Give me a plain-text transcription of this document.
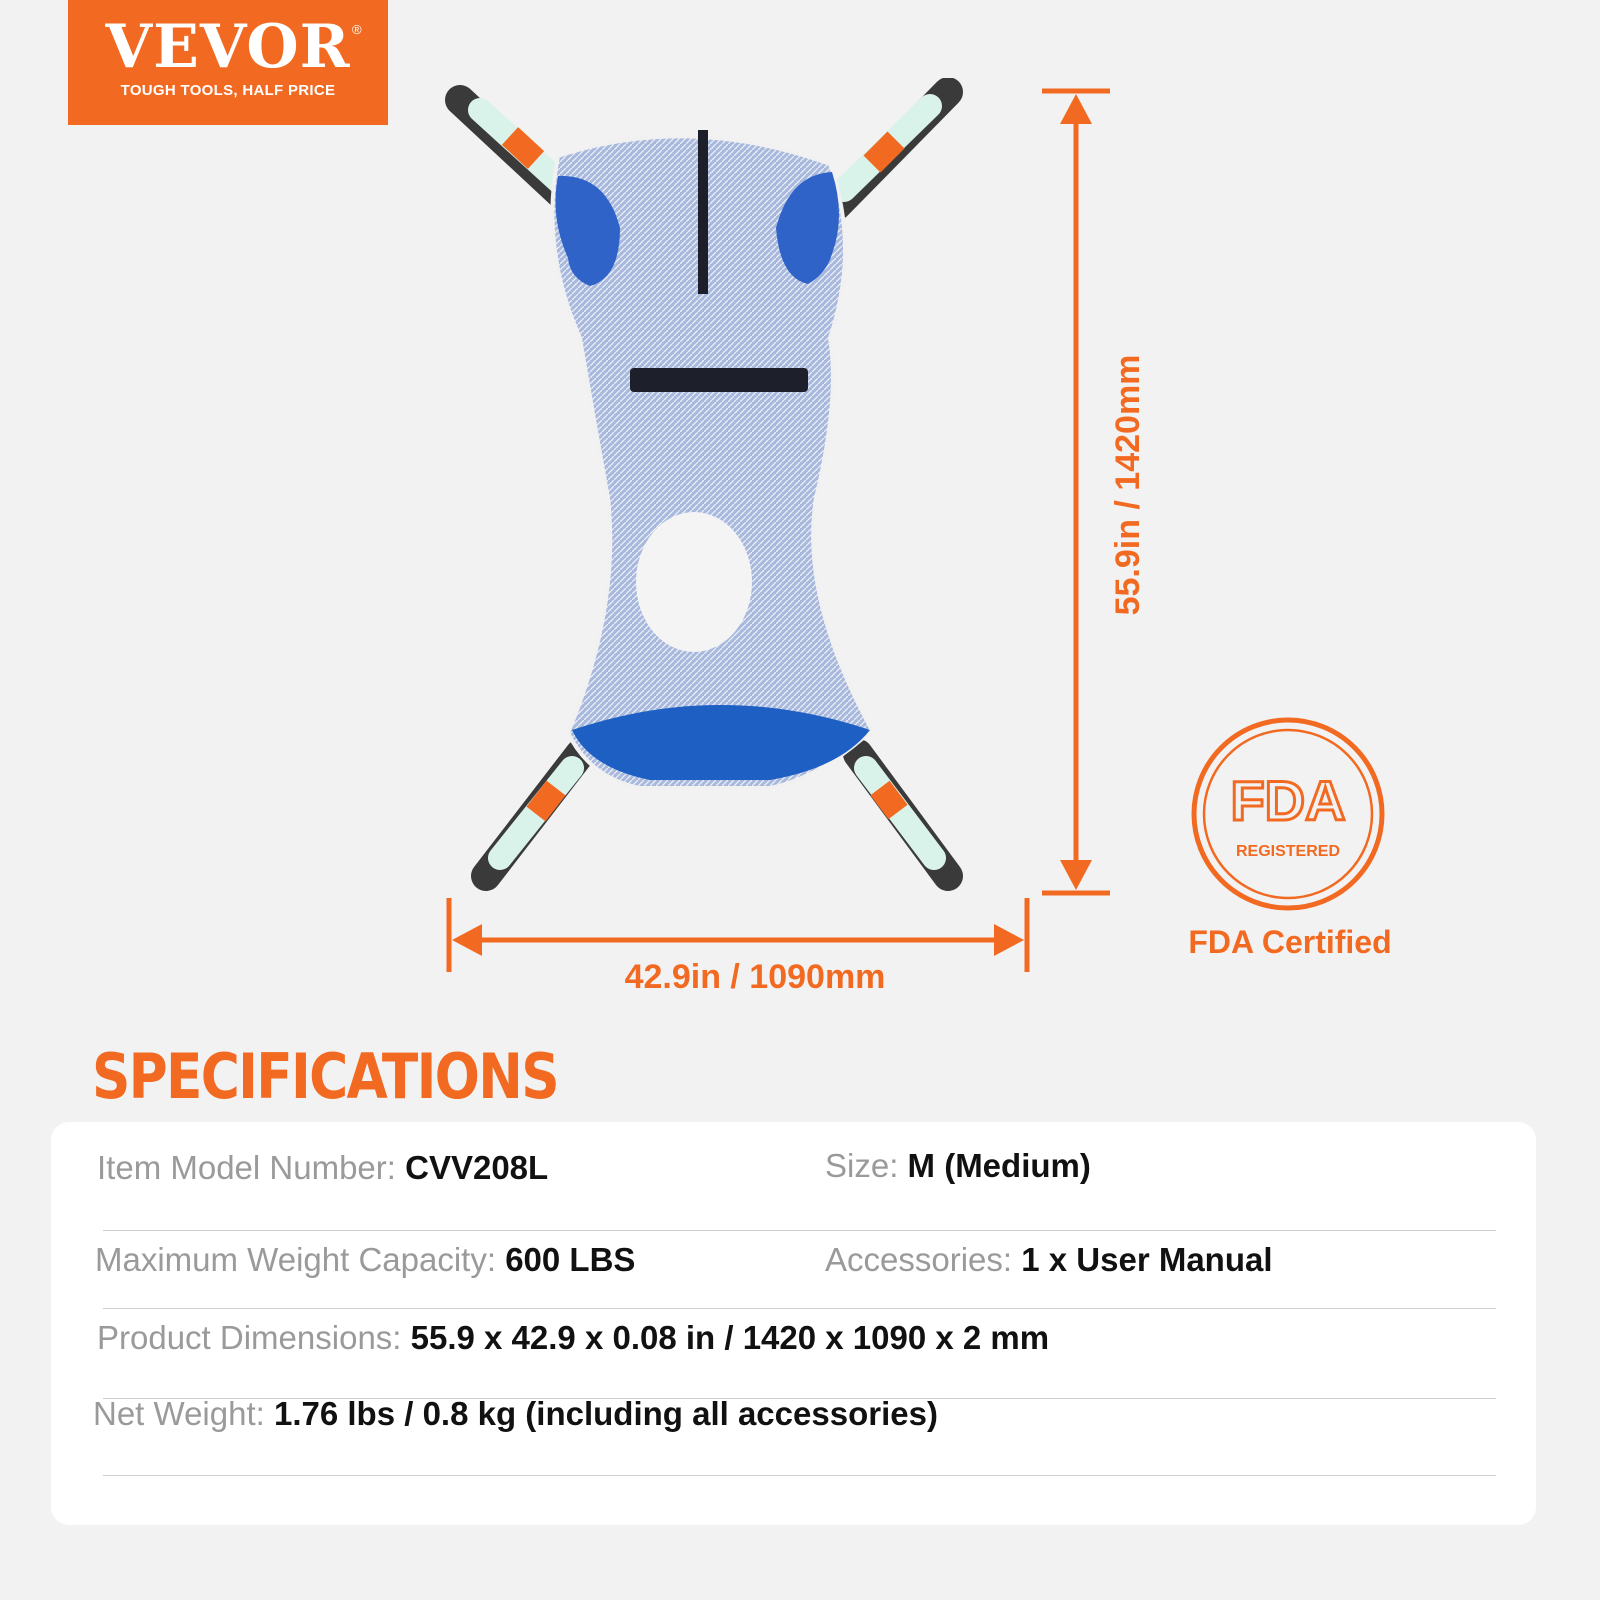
VEVOR ®
TOUGH TOOLS, HALF PRICE
55.9in / 1420mm
42.9in / 1090mm
FDA
REGISTERED
FDA Certified
SPECIFICATIONS
Item Model Number: CVV208L	Size: M (Medium)
Maximum Weight Capacity: 600 LBS	Accessories: 1 x User Manual
Product Dimensions: 55.9 x 42.9 x 0.08 in / 1420 x 1090 x 2 mm
Net Weight: 1.76 lbs / 0.8 kg (including all accessories)
